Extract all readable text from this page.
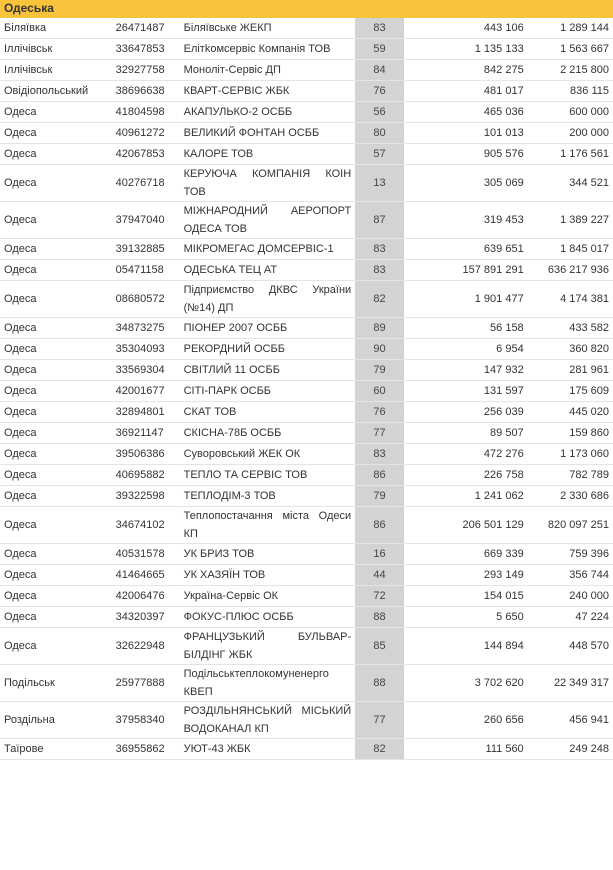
Одеська
Біляївка	26471487	Біляївське ЖЕКП	83	443 106	1 289 144
Іллічівськ	33647853	Елітkомсервіс Компанія ТОВ	59	1 135 133	1 563 667
Іллічівськ	32927758	Моноліт-Сервіс ДП	84	842 275	2 215 800
Овідіопольський	38696638	КВАРТ-СЕРВІС ЖБК	76	481 017	836 115
Одеса	41804598	АКАПУЛЬКО-2 ОСББ	56	465 036	600 000
Одеса	40961272	ВЕЛИКИЙ ФОНТАН ОСББ	80	101 013	200 000
Одеса	42067853	КАЛОРЕ ТОВ	57	905 576	1 176 561
Одеса	40276718	КЕРУЮЧА КОМПАНІЯ КОІН ТОВ	13	305 069	344 521
Одеса	37947040	МІЖНАРОДНИЙ АЕРОПОРТ ОДЕСА ТОВ	87	319 453	1 389 227
Одеса	39132885	МІКРОМЕГАС ДОМСЕРВІС-1	83	639 651	1 845 017
Одеса	05471158	ОДЕСЬКА ТЕЦ АТ	83	157 891 291	636 217 936
Одеса	08680572	Підприємство ДКВС України (№14) ДП	82	1 901 477	4 174 381
Одеса	34873275	ПІОНЕР 2007 ОСББ	89	56 158	433 582
Одеса	35304093	РЕКОРДНИЙ ОСББ	90	6 954	360 820
Одеса	33569304	СВІТЛИЙ 11 ОСББ	79	147 932	281 961
Одеса	42001677	СІТІ-ПАРК ОСББ	60	131 597	175 609
Одеса	32894801	СКАТ ТОВ	76	256 039	445 020
Одеса	36921147	СКІСНА-78Б ОСББ	77	89 507	159 860
Одеса	39506386	Суворовський ЖЕК ОК	83	472 276	1 173 060
Одеса	40695882	ТЕПЛО ТА СЕРВІС ТОВ	86	226 758	782 789
Одеса	39322598	ТЕПЛОДІМ-3 ТОВ	79	1 241 062	2 330 686
Одеса	34674102	Теплопостачання міста Одеси КП	86	206 501 129	820 097 251
Одеса	40531578	УК БРИЗ ТОВ	16	669 339	759 396
Одеса	41464665	УК ХАЗЯЇН ТОВ	44	293 149	356 744
Одеса	42006476	Україна-Сервіс ОК	72	154 015	240 000
Одеса	34320397	ФОКУС-ПЛЮС ОСББ	88	5 650	47 224
Одеса	32622948	ФРАНЦУЗЬКИЙ БУЛЬВАР-БІЛДІНГ ЖБК	85	144 894	448 570
Подільськ	25977888	Подільськтеплокомуненерго КВЕП	88	3 702 620	22 349 317
Роздільна	37958340	РОЗДІЛЬНЯНСЬКИЙ МІСЬКИЙ ВОДОКАНАЛ КП	77	260 656	456 941
Таїрове	36955862	УЮТ-43 ЖБК	82	111 560	249 248
